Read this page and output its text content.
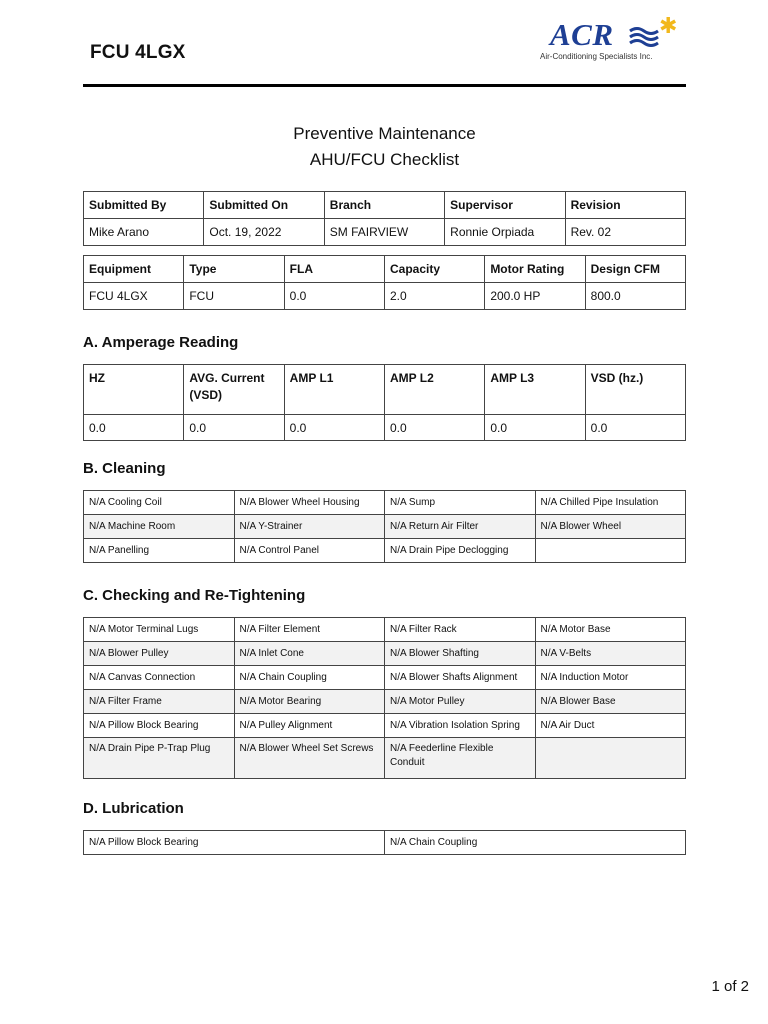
FCU 4LGX
ACR ✱
Air-Conditioning Specialists Inc.
Preventive Maintenance
AHU/FCU Checklist
Submitted By	Submitted On	Branch	Supervisor	Revision
Mike Arano	Oct. 19, 2022	SM FAIRVIEW	Ronnie Orpiada	Rev. 02
Equipment	Type	FLA	Capacity	Motor Rating	Design CFM
FCU 4LGX	FCU	0.0	2.0	200.0 HP	800.0
A. Amperage Reading
HZ	AVG. Current (VSD)	AMP L1	AMP L2	AMP L3	VSD (hz.)
0.0	0.0	0.0	0.0	0.0	0.0
B. Cleaning
N/A Cooling Coil	N/A Blower Wheel Housing	N/A Sump	N/A Chilled Pipe Insulation
N/A Machine Room	N/A Y-Strainer	N/A Return Air Filter	N/A Blower Wheel
N/A Panelling	N/A Control Panel	N/A Drain Pipe Declogging	
C. Checking and Re-Tightening
N/A Motor Terminal Lugs	N/A Filter Element	N/A Filter Rack	N/A Motor Base
N/A Blower Pulley	N/A Inlet Cone	N/A Blower Shafting	N/A V-Belts
N/A Canvas Connection	N/A Chain Coupling	N/A Blower Shafts Alignment	N/A Induction Motor
N/A Filter Frame	N/A Motor Bearing	N/A Motor Pulley	N/A Blower Base
N/A Pillow Block Bearing	N/A Pulley Alignment	N/A Vibration Isolation Spring	N/A Air Duct
N/A Drain Pipe P-Trap Plug	N/A Blower Wheel Set Screws	N/A Feederline Flexible Conduit	
D. Lubrication
N/A Pillow Block Bearing	N/A Chain Coupling
1 of 2
